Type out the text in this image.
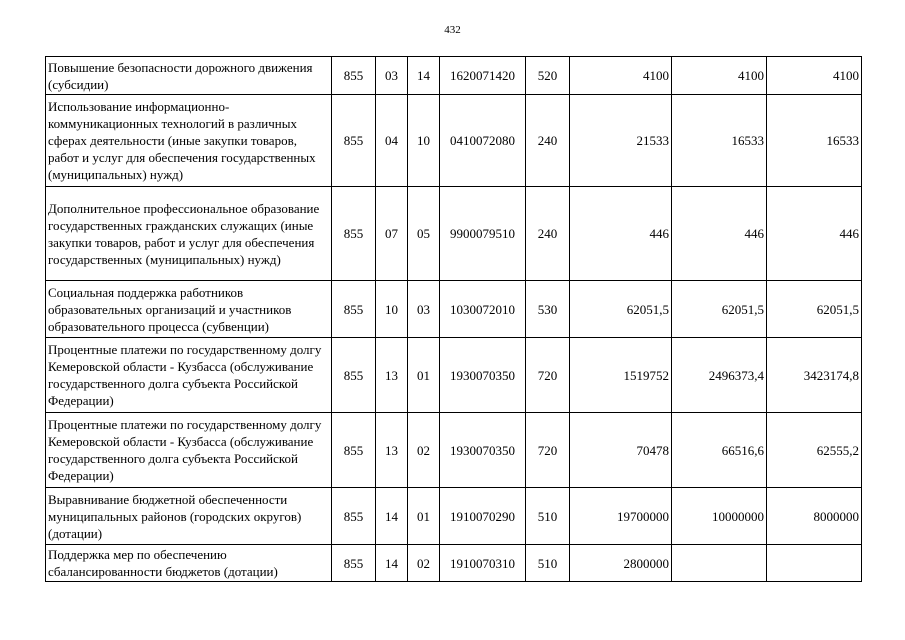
432
Повышение безопасности дорожного движения (субсидии)	855	03	14	1620071420	520	4100	4100	4100
Использование информационно-коммуникационных технологий в различных сферах деятельности (иные закупки товаров, работ и услуг для обеспечения государственных (муниципальных) нужд)	855	04	10	0410072080	240	21533	16533	16533
Дополнительное профессиональное образование государственных гражданских служащих (иные закупки товаров, работ и услуг для обеспечения государственных (муниципальных) нужд)	855	07	05	9900079510	240	446	446	446
Социальная поддержка работников образовательных организаций и участников образовательного процесса (субвенции)	855	10	03	1030072010	530	62051,5	62051,5	62051,5
Процентные платежи по государственному долгу Кемеровской области - Кузбасса (обслуживание государственного долга субъекта Российской Федерации)	855	13	01	1930070350	720	1519752	2496373,4	3423174,8
Процентные платежи по государственному долгу Кемеровской области - Кузбасса (обслуживание государственного долга субъекта Российской Федерации)	855	13	02	1930070350	720	70478	66516,6	62555,2
Выравнивание бюджетной обеспеченности муниципальных районов (городских округов) (дотации)	855	14	01	1910070290	510	19700000	10000000	8000000
Поддержка мер по обеспечению сбалансированности бюджетов (дотации)	855	14	02	1910070310	510	2800000		
